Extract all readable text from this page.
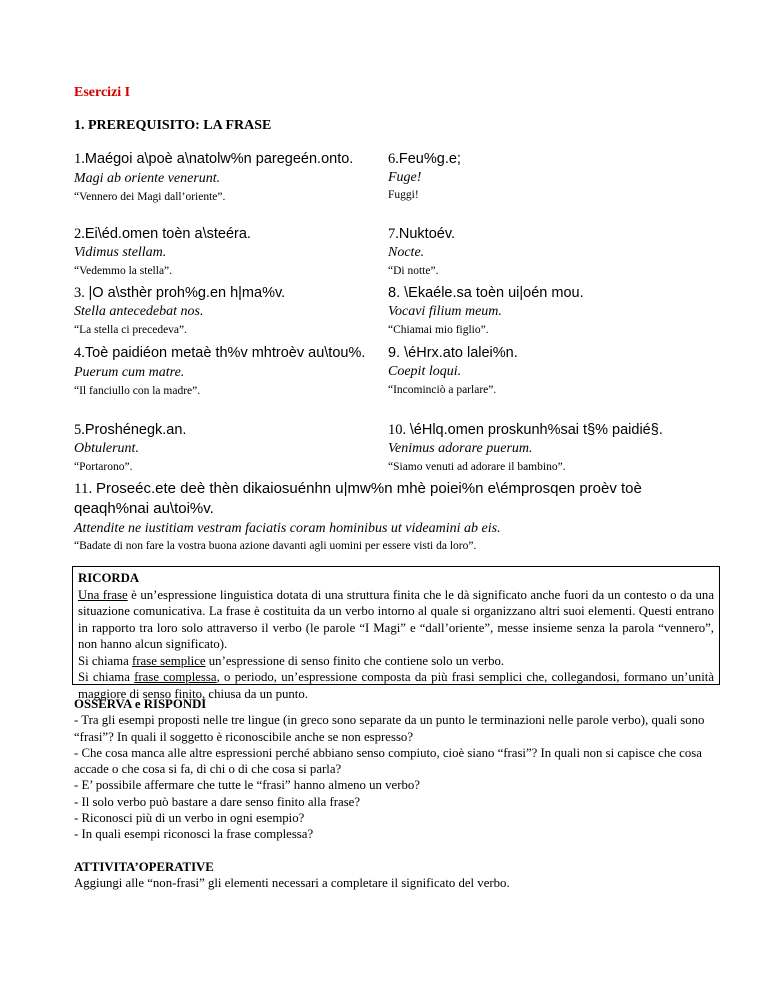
Esercizi I
1. PREREQUISITO: LA FRASE
1.Maégoi a\poè a\natolw%n paregeén.onto.
Magi ab oriente venerunt.
“Vennero dei Magi dall’oriente”.
6.Feu%g.e;
Fuge!
Fuggi!
2.Ei\éd.omen toèn a\steéra.
Vidimus stellam.
“Vedemmo la stella”.
7.Nuktoév.
Nocte.
“Di notte”.
3. |O a\sthèr proh%g.en h|ma%v.
Stella antecedebat nos.
“La stella ci precedeva”.
8. \Ekaéle.sa toèn ui|oén mou.
Vocavi filium meum.
“Chiamai mio figlio”.
4.Toè paidiéon metaè th%v mhtroèv au\tou%.
Puerum cum matre.
“Il fanciullo con la madre”.
9. \éHrx.ato lalei%n.
Coepit loqui.
“Incominciò a parlare”.
5.Proshénegk.an.
Obtulerunt.
“Portarono”.
10. \éHlq.omen proskunh%sai t§% paidié§.
Venimus adorare puerum.
“Siamo venuti ad adorare il bambino”.
11. Proseéc.ete deè thèn dikaiosuénhn u|mw%n mhè poiei%n e\émprosqen proèv toè qeaqh%nai au\toi%v.
Attendite ne iustitiam vestram faciatis coram hominibus ut videamini ab eis.
“Badate di non fare la vostra buona azione davanti agli uomini per essere visti da loro”.

RICORDA

Una frase è un’espressione linguistica dotata di una struttura finita che le dà significato anche fuori da un contesto o da una situazione comunicativa. La frase è costituita da un verbo intorno al quale si organizzano altri suoi elementi. Questi entrano in rapporto tra loro solo attraverso il verbo (le parole “I Magi” e “dall’oriente”, messe insieme senza la parola “vennero”, non hanno alcun significato).

Si chiama frase semplice un’espressione di senso finito che contiene solo un verbo.

Si chiama frase complessa, o periodo, un’espressione composta da più frasi semplici che, collegandosi, formano un’unità maggiore di senso finito, chiusa da un punto.

OSSERVA e RISPONDI

- Tra gli esempi proposti nelle tre lingue (in greco sono separate da un punto le terminazioni nelle parole verbo), quali sono “frasi”? In quali il soggetto è riconoscibile anche se non espresso?

- Che cosa manca alle altre espressioni perché abbiano senso compiuto, cioè siano “frasi”? In quali non si capisce che cosa accade o che cosa si fa, di chi o di che cosa si parla?

- E’ possibile affermare che tutte le “frasi” hanno almeno un verbo?

- Il solo verbo può bastare a dare senso finito alla frase?

- Riconosci più di un verbo in ogni esempio?

- In quali esempi riconosci la frase complessa?

ATTIVITA’OPERATIVE

Aggiungi alle “non-frasi” gli elementi necessari a completare il significato del verbo.
